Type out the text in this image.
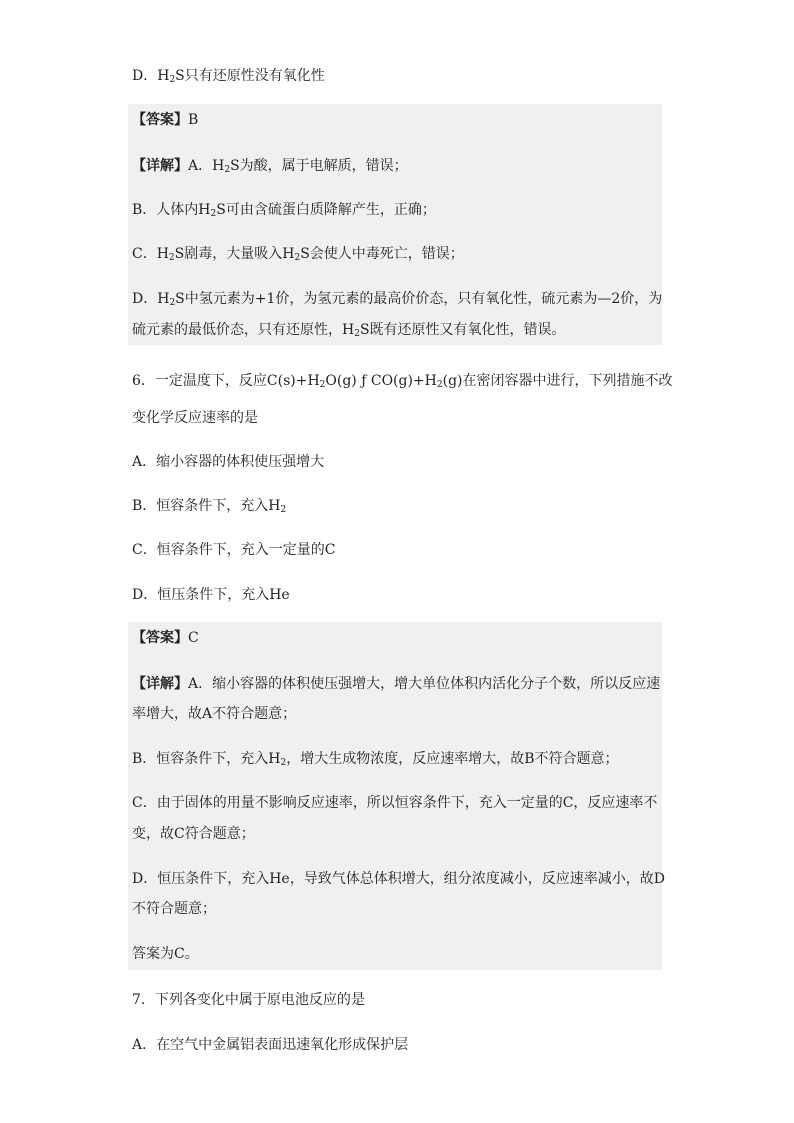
D．$H_2S$只有还原性没有氧化性
【答案】B
【详解】A．$H_2S$为酸，属于电解质，错误；
B．人体内$H_2S$可由含硫蛋白质降解产生，正确；
C．$H_2S$剧毒，大量吸入$H_2S$会使人中毒死亡，错误；
D．$H_2S$中氢元素为+1价，为氢元素的最高价价态，只有氧化性，硫元素为—2价，为
硫元素的最低价态，只有还原性，$H_2S$既有还原性又有氧化性，错误。
6．一定温度下，反应$C(s)+H_2O(g)$ ƒ $CO(g)+H_2(g)$在密闭容器中进行，下列措施不改
变化学反应速率的是
A．缩小容器的体积使压强增大
B．恒容条件下，充入$H_2$
C．恒容条件下，充入一定量的C
D．恒压条件下，充入He
【答案】C
【详解】A．缩小容器的体积使压强增大，增大单位体积内活化分子个数，所以反应速
率增大，故A不符合题意；
B．恒容条件下，充入$H_2$，增大生成物浓度，反应速率增大，故B不符合题意；
C．由于固体的用量不影响反应速率，所以恒容条件下，充入一定量的C，反应速率不
变，故C符合题意；
D．恒压条件下，充入He，导致气体总体积增大，组分浓度减小，反应速率减小，故D
不符合题意；
答案为C。
7．下列各变化中属于原电池反应的是
A．在空气中金属铝表面迅速氧化形成保护层
